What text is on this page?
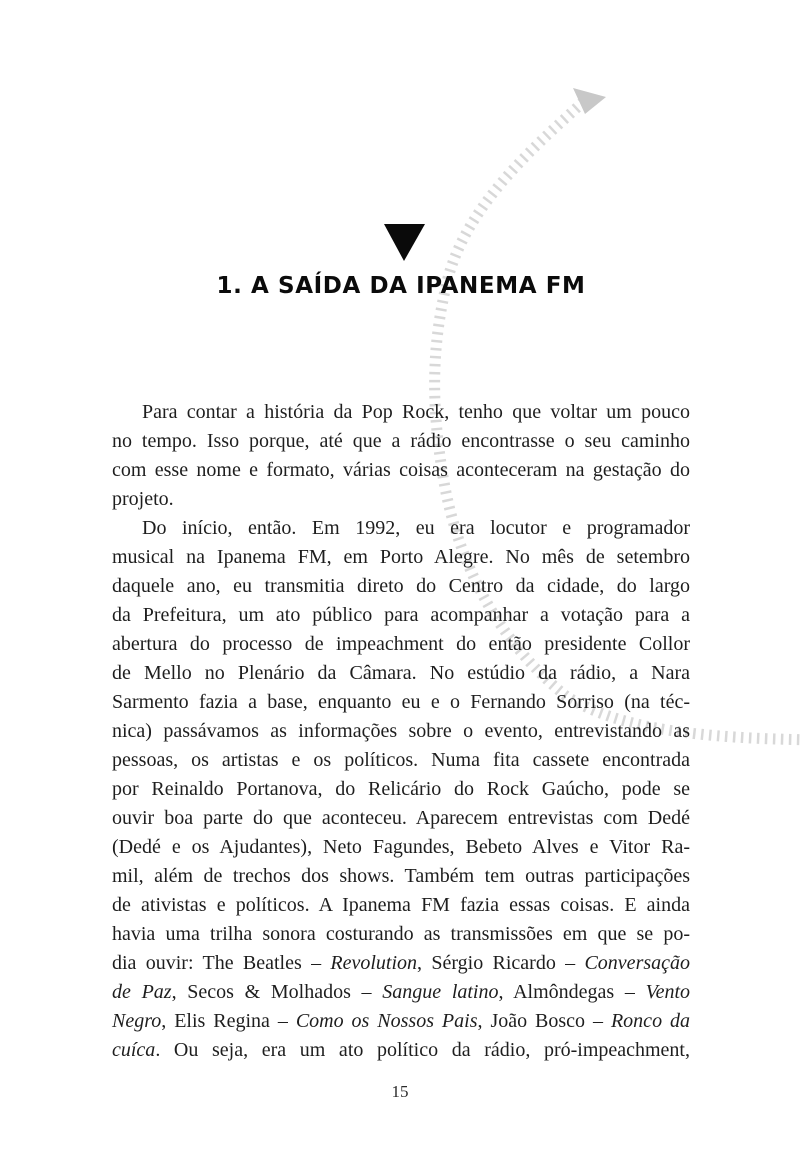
1. A SAÍDA DA IPANEMA FM
Para contar a história da Pop Rock, tenho que voltar um pouco
no tempo. Isso porque, até que a rádio encontrasse o seu caminho
com esse nome e formato, várias coisas aconteceram na gestação do
projeto.
Do início, então. Em 1992, eu era locutor e programador
musical na Ipanema FM, em Porto Alegre. No mês de setembro
daquele ano, eu transmitia direto do Centro da cidade, do largo
da Prefeitura, um ato público para acompanhar a votação para a
abertura do processo de impeachment do então presidente Collor
de Mello no Plenário da Câmara. No estúdio da rádio, a Nara
Sarmento fazia a base, enquanto eu e o Fernando Sorriso (na téc-
nica) passávamos as informações sobre o evento, entrevistando as
pessoas, os artistas e os políticos. Numa fita cassete encontrada
por Reinaldo Portanova, do Relicário do Rock Gaúcho, pode se
ouvir boa parte do que aconteceu. Aparecem entrevistas com Dedé
(Dedé e os Ajudantes), Neto Fagundes, Bebeto Alves e Vitor Ra-
mil, além de trechos dos shows. Também tem outras participações
de ativistas e políticos. A Ipanema FM fazia essas coisas. E ainda
havia uma trilha sonora costurando as transmissões em que se po-
dia ouvir: The Beatles – Revolution, Sérgio Ricardo – Conversação
de Paz, Secos & Molhados – Sangue latino, Almôndegas – Vento
Negro, Elis Regina – Como os Nossos Pais, João Bosco – Ronco da
cuíca. Ou seja, era um ato político da rádio, pró-impeachment,
15
